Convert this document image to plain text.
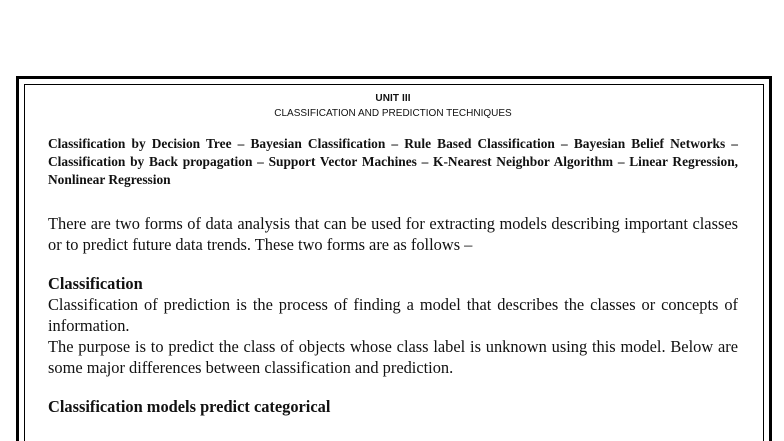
UNIT III
CLASSIFICATION AND PREDICTION TECHNIQUES
Classification by Decision Tree – Bayesian Classification – Rule Based Classification – Bayesian Belief Networks – Classification by Back propagation – Support Vector Machines – K-Nearest Neighbor Algorithm – Linear Regression, Nonlinear Regression
There are two forms of data analysis that can be used for extracting models describing important classes or to predict future data trends. These two forms are as follows –
Classification
Classification of prediction is the process of finding a model that describes the classes or concepts of information.
The purpose is to predict the class of objects whose class label is unknown using this model. Below are some major differences between classification and prediction.
Classification models predict categorical
